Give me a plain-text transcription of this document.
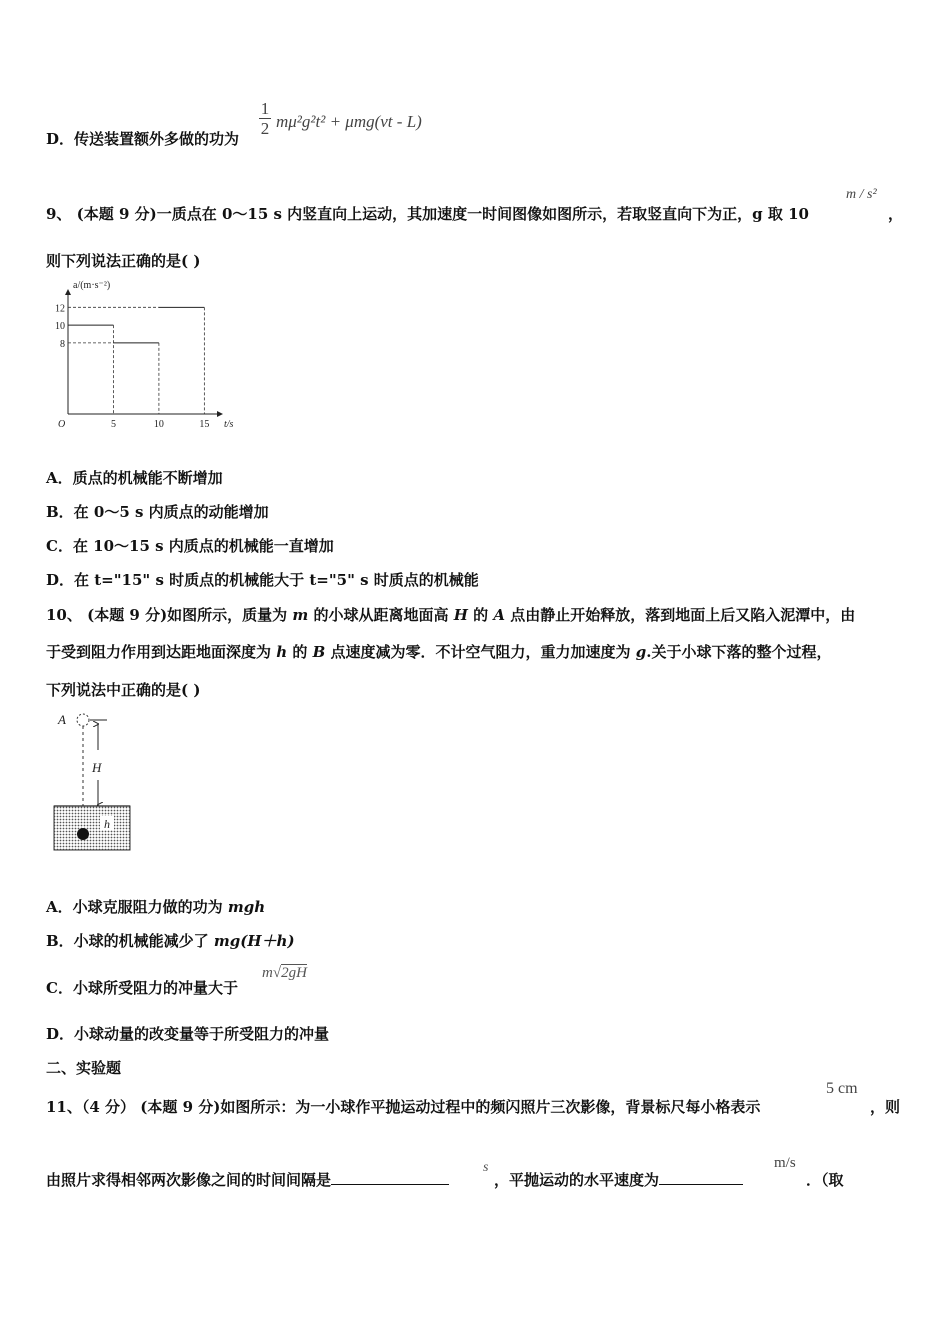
D．传送装置额外多做的功为
1
2 mμ²g²t² + μmg(vt - L)
9、 (本题 9 分)一质点在 0～15 s 内竖直向上运动，其加速度一时间图像如图所示，若取竖直向下为正，g 取 10
m / s²
，
则下列说法正确的是( )
5	10	15
8
10
12
O	t/s
a/(m·s⁻²)
A．质点的机械能不断增加
B．在 0～5 s 内质点的动能增加
C．在 10～15 s 内质点的机械能一直增加
D．在 t="15" s 时质点的机械能大于 t="5" s 时质点的机械能
10、 (本题 9 分)如图所示，质量为 m 的小球从距离地面高 H 的 A 点由静止开始释放，落到地面上后又陷入泥潭中，由
于受到阻力作用到达距地面深度为 h 的 B 点速度减为零．不计空气阻力，重力加速度为 g.关于小球下落的整个过程，
下列说法中正确的是( )
A
H
h
A．小球克服阻力做的功为 mgh
B．小球的机械能减少了 mg(H＋h)
C．小球所受阻力的冲量大于
m√2gH
D．小球动量的改变量等于所受阻力的冲量
二、实验题
11、（4 分） (本题 9 分)如图所示：为一小球作平抛运动过程中的频闪照片三次影像，背景标尺每小格表示
5 cm
，则
由照片求得相邻两次影像之间的时间间隔是
s
，平抛运动的水平速度为
m/s
．（取
